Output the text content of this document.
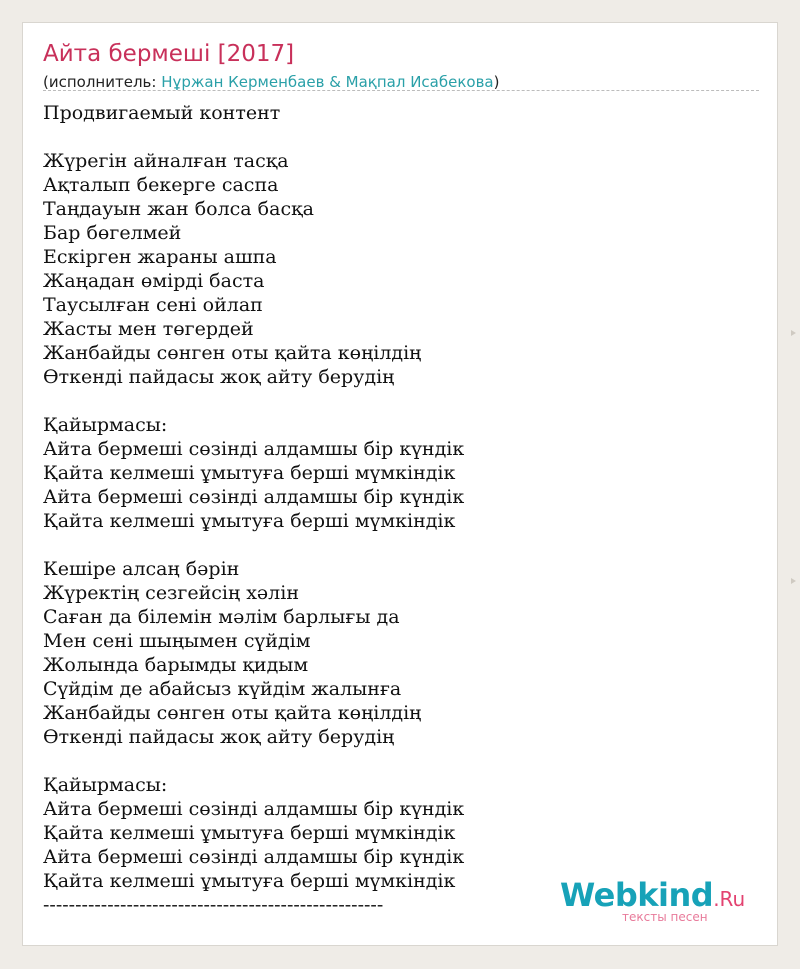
Айта бермеші [2017]
(исполнитель: Нұржан Керменбаев & Мақпал Исабекова)
Продвигаемый контент

Жүрегін айналған тасқа
Ақталып бекерге саспа
Таңдауын жан болса басқа
Бар бөгелмей
Ескірген жараны ашпа
Жаңадан өмірді баста
Таусылған сені ойлап
Жасты мен төгердей
Жанбайды сөнген оты қайта көңілдің
Өткенді пайдасы жоқ айту берудің

Қайырмасы:
Айта бермеші сөзінді алдамшы бір күндік
Қайта келмеші ұмытуға берші мүмкіндік
Айта бермеші сөзінді алдамшы бір күндік
Қайта келмеші ұмытуға берші мүмкіндік

Кешіре алсаң бәрін
Жүректің сезгейсің хәлін
Саған да білемін мәлім барлығы да
Мен сені шыңымен сүйдім
Жолында барымды қидым
Сүйдім де абайсыз күйдім жалынға
Жанбайды сөнген оты қайта көңілдің
Өткенді пайдасы жоқ айту берудің

Қайырмасы:
Айта бермеші сөзінді алдамшы бір күндік
Қайта келмеші ұмытуға берші мүмкіндік
Айта бермеші сөзінді алдамшы бір күндік
Қайта келмеші ұмытуға берші мүмкіндік
-----------------------------------------------------	Webkind.Ru
тексты песен
